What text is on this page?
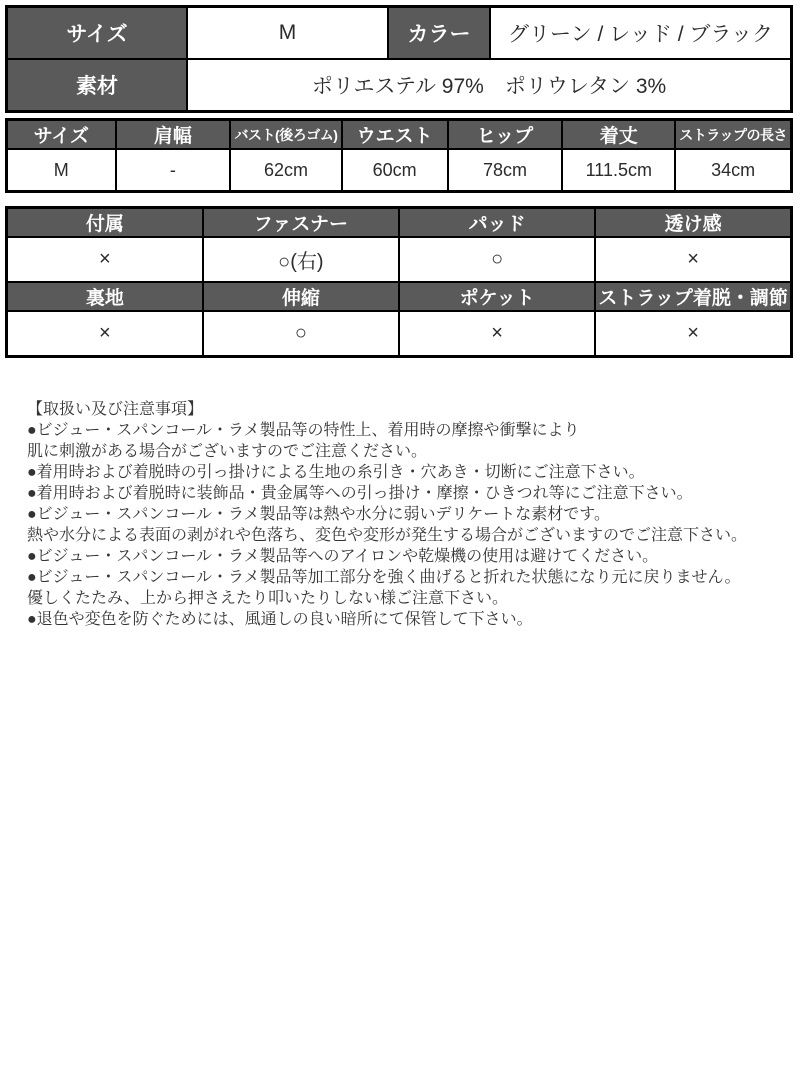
サイズ	M	カラー	グリーン / レッド / ブラック
素材	ポリエステル 97%　ポリウレタン 3%		
サイズ	肩幅	バスト(後ろゴム)	ウエスト	ヒップ	着丈	ストラップの長さ
M	-	62cm	60cm	78cm	111.5cm	34cm
付属	ファスナー	パッド	透け感
×	○(右)	○	×
裏地	伸縮	ポケット	ストラップ着脱・調節
×	○	×	×
【取扱い及び注意事項】
●ビジュー・スパンコール・ラメ製品等の特性上、着用時の摩擦や衝撃により
肌に刺激がある場合がございますのでご注意ください。
●着用時および着脱時の引っ掛けによる生地の糸引き・穴あき・切断にご注意下さい。
●着用時および着脱時に装飾品・貴金属等への引っ掛け・摩擦・ひきつれ等にご注意下さい。
●ビジュー・スパンコール・ラメ製品等は熱や水分に弱いデリケートな素材です。
熱や水分による表面の剥がれや色落ち、変色や変形が発生する場合がございますのでご注意下さい。
●ビジュー・スパンコール・ラメ製品等へのアイロンや乾燥機の使用は避けてください。
●ビジュー・スパンコール・ラメ製品等加工部分を強く曲げると折れた状態になり元に戻りません。
優しくたたみ、上から押さえたり叩いたりしない様ご注意下さい。
●退色や変色を防ぐためには、風通しの良い暗所にて保管して下さい。
